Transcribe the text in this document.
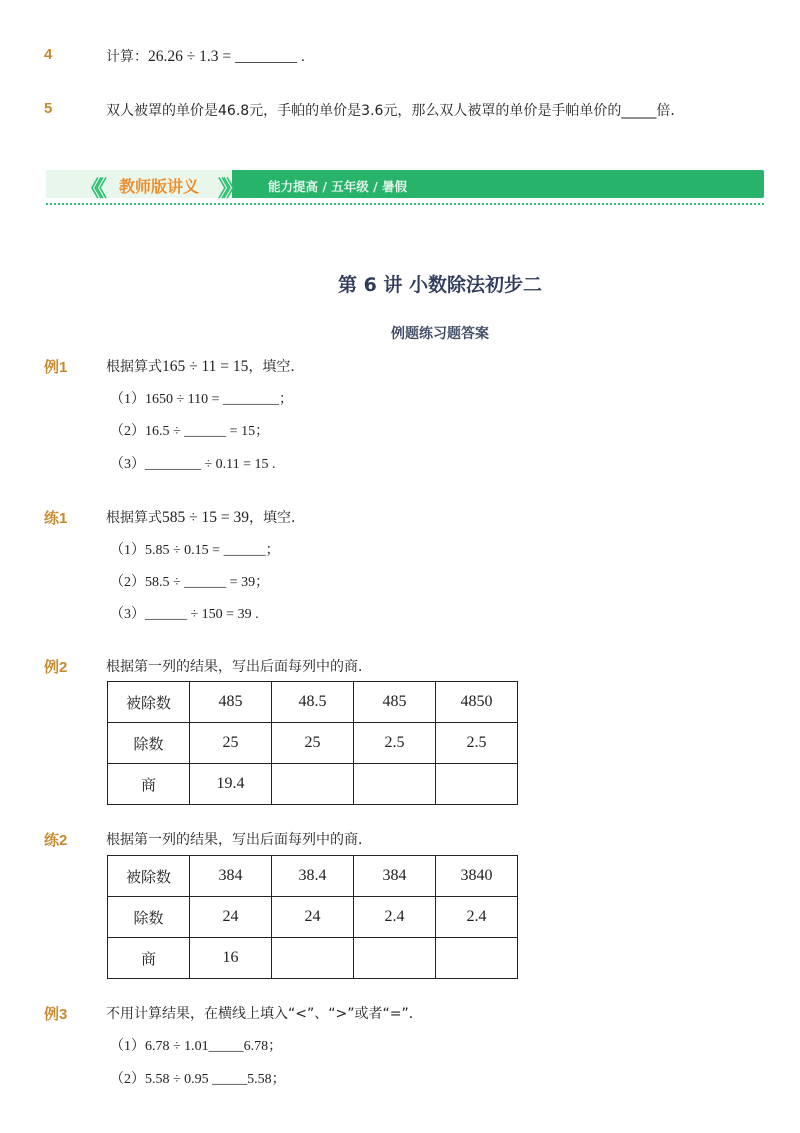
4	计算：26.26 ÷ 1.3 = ________ .
5	双人被罩的单价是46.8元，手帕的单价是3.6元，那么双人被罩的单价是手帕单价的_____倍．
《《 教师版讲义 》》 能力提高 / 五年级 / 暑假
第 6 讲 小数除法初步二
例题练习题答案
例1	根据算式165 ÷ 11 = 15，填空．
（1）1650 ÷ 110 = ________；
（2）16.5 ÷ ______ = 15；
（3）________ ÷ 0.11 = 15 .
练1	根据算式585 ÷ 15 = 39，填空．
（1）5.85 ÷ 0.15 = ______；
（2）58.5 ÷ ______ = 39；
（3）______ ÷ 150 = 39 .
例2	根据第一列的结果，写出后面每列中的商．
被除数	485	48.5	485	4850
除数	25	25	2.5	2.5
商	19.4			
练2	根据第一列的结果，写出后面每列中的商．
被除数	384	38.4	384	3840
除数	24	24	2.4	2.4
商	16			
例3	不用计算结果，在横线上填入“<”、“>”或者“=”．
（1）6.78 ÷ 1.01_____6.78；
（2）5.58 ÷ 0.95 _____5.58；
